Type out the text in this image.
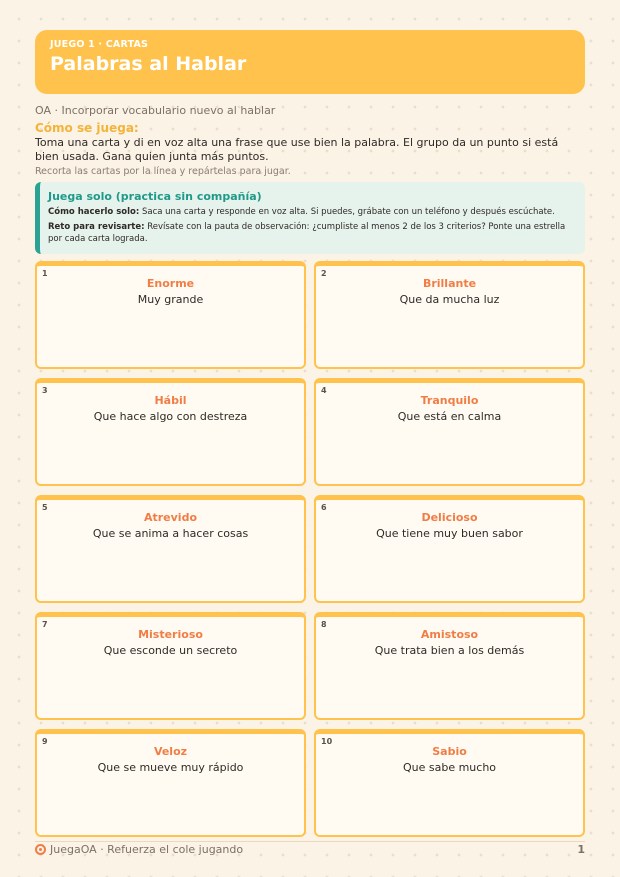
JUEGO 1 · CARTAS
Palabras al Hablar
OA · Incorporar vocabulario nuevo al hablar
Cómo se juega:
Toma una carta y di en voz alta una frase que use bien la palabra. El grupo da un punto si está bien usada. Gana quien junta más puntos.
Recorta las cartas por la línea y repártelas para jugar.
Juega solo (practica sin compañía)
Cómo hacerlo solo: Saca una carta y responde en voz alta. Si puedes, grábate con un teléfono y después escúchate.
Reto para revisarte: Revísate con la pauta de observación: ¿cumpliste al menos 2 de los 3 criterios? Ponte una estrella por cada carta lograda.
1
Enorme
Muy grande
2
Brillante
Que da mucha luz
3
Hábil
Que hace algo con destreza
4
Tranquilo
Que está en calma
5
Atrevido
Que se anima a hacer cosas
6
Delicioso
Que tiene muy buen sabor
7
Misterioso
Que esconde un secreto
8
Amistoso
Que trata bien a los demás
9
Veloz
Que se mueve muy rápido
10
Sabio
Que sabe mucho
JuegaOA · Refuerza el cole jugando	1
